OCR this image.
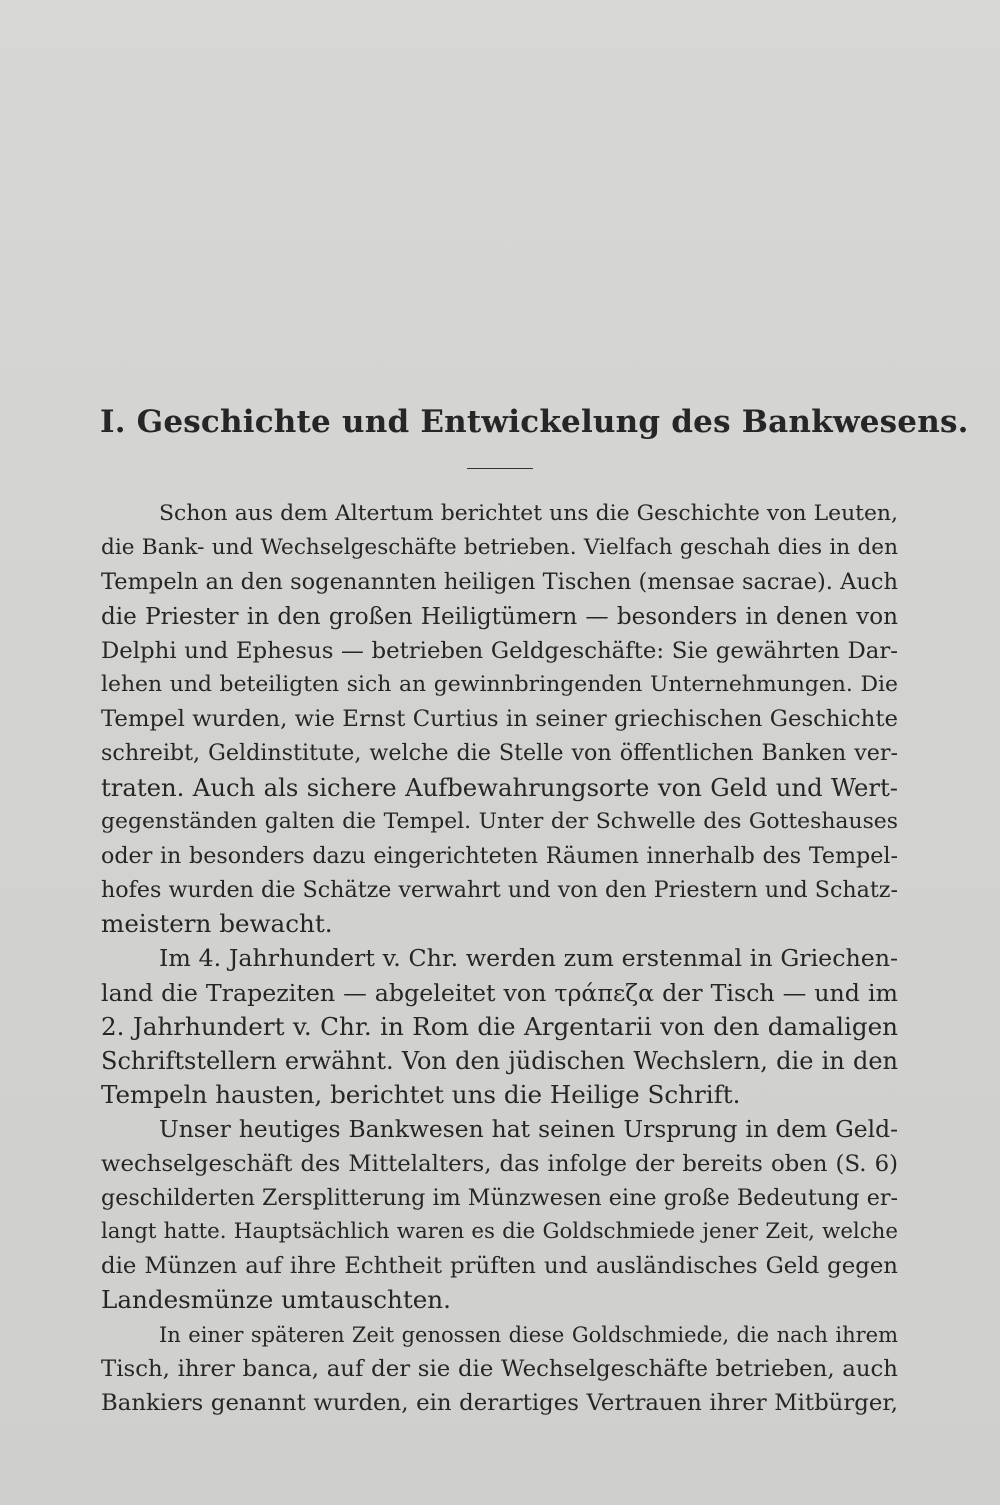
I. Geschichte und Entwickelung des Bankwesens.
Schon aus dem Altertum berichtet uns die Geschichte von Leuten,
die Bank- und Wechselgeschäfte betrieben. Vielfach geschah dies in den
Tempeln an den sogenannten heiligen Tischen (mensae sacrae). Auch
die Priester in den großen Heiligtümern — besonders in denen von
Delphi und Ephesus — betrieben Geldgeschäfte: Sie gewährten Dar-
lehen und beteiligten sich an gewinnbringenden Unternehmungen. Die
Tempel wurden, wie Ernst Curtius in seiner griechischen Geschichte
schreibt, Geldinstitute, welche die Stelle von öffentlichen Banken ver-
traten. Auch als sichere Aufbewahrungsorte von Geld und Wert-
gegenständen galten die Tempel. Unter der Schwelle des Gotteshauses
oder in besonders dazu eingerichteten Räumen innerhalb des Tempel-
hofes wurden die Schätze verwahrt und von den Priestern und Schatz-
meistern bewacht.
Im 4. Jahrhundert v. Chr. werden zum erstenmal in Griechen-
land die Trapeziten — abgeleitet von τράπεζα der Tisch — und im
2. Jahrhundert v. Chr. in Rom die Argentarii von den damaligen
Schriftstellern erwähnt. Von den jüdischen Wechslern, die in den
Tempeln hausten, berichtet uns die Heilige Schrift.
Unser heutiges Bankwesen hat seinen Ursprung in dem Geld-
wechselgeschäft des Mittelalters, das infolge der bereits oben (S. 6)
geschilderten Zersplitterung im Münzwesen eine große Bedeutung er-
langt hatte. Hauptsächlich waren es die Goldschmiede jener Zeit, welche
die Münzen auf ihre Echtheit prüften und ausländisches Geld gegen
Landesmünze umtauschten.
In einer späteren Zeit genossen diese Goldschmiede, die nach ihrem
Tisch, ihrer banca, auf der sie die Wechselgeschäfte betrieben, auch
Bankiers genannt wurden, ein derartiges Vertrauen ihrer Mitbürger,
